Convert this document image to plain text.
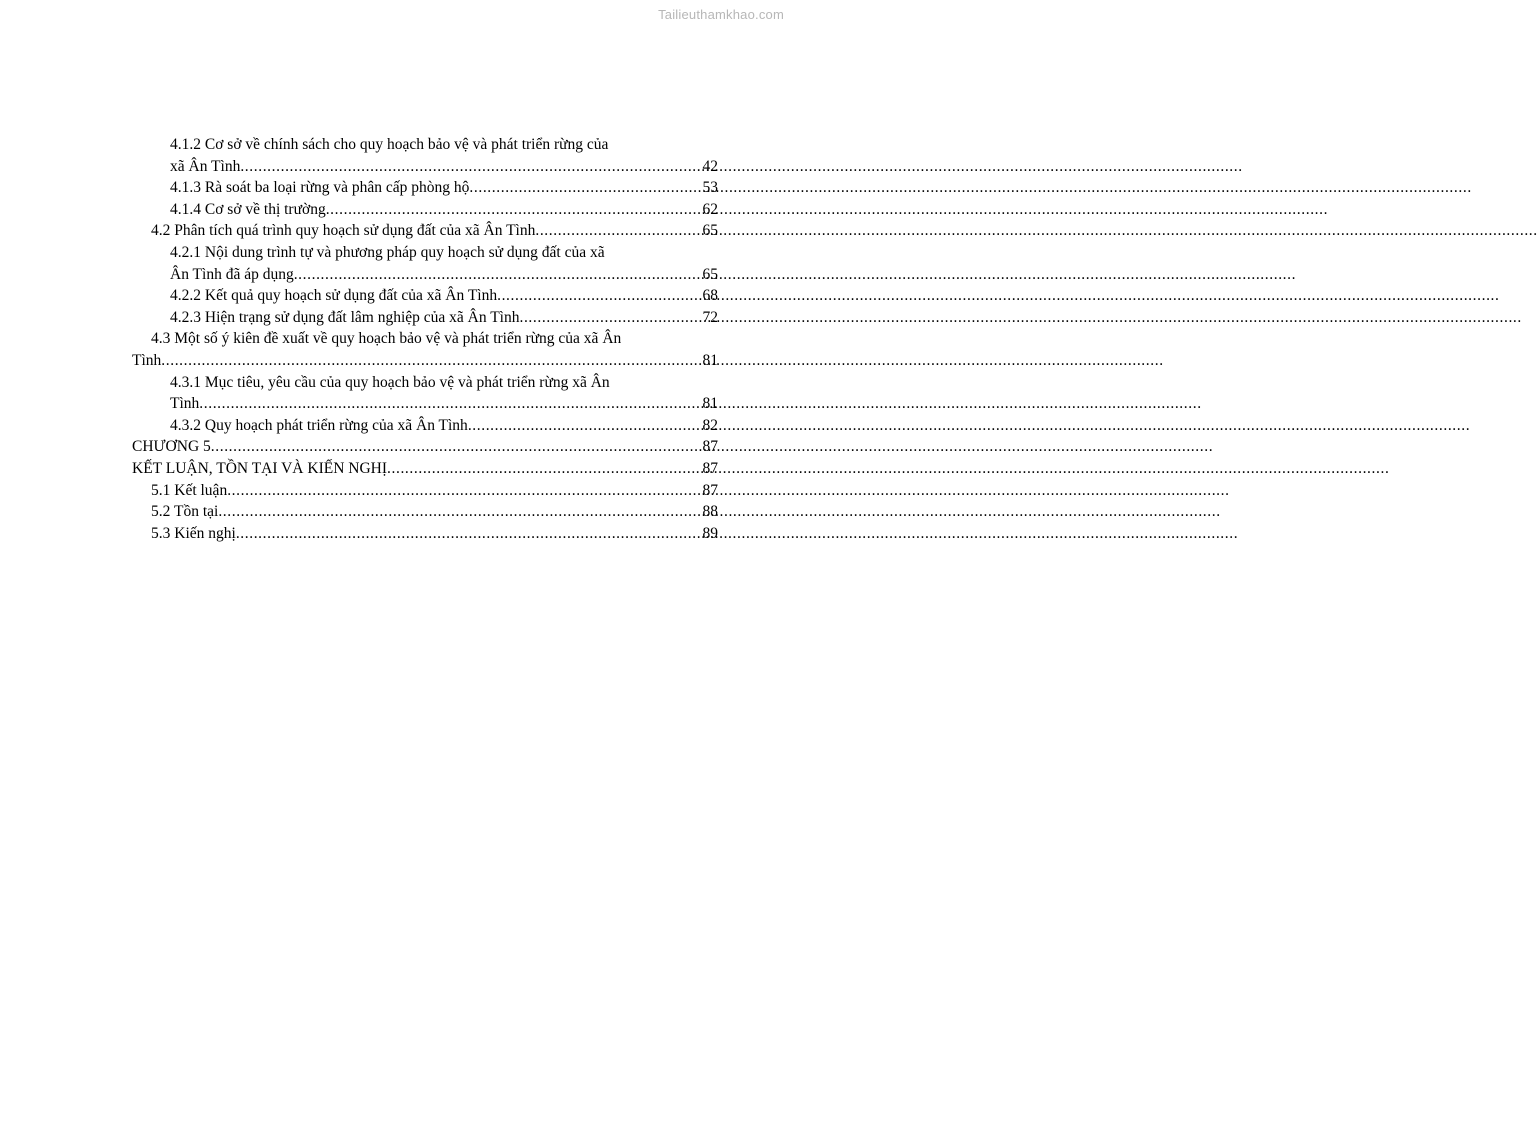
Tailieuthamkhao.com
4.1.2 Cơ sở về chính sách cho quy hoạch bảo vệ và phát triển rừng của
xã Ân Tình .....	42
4.1.3 Rà soát ba loại rừng và phân cấp phòng hộ .....	53
4.1.4 Cơ sở về thị trường .....	62
4.2 Phân tích quá trình quy hoạch sử dụng đất của xã Ân Tình .....	65
4.2.1 Nội dung trình tự và phương pháp quy hoạch sử dụng đất của xã
Ân Tình đã áp dụng .....	65
4.2.2 Kết quả quy hoạch sử dụng đất của xã Ân Tình .....	68
4.2.3 Hiện trạng sử dụng đất lâm nghiệp của xã Ân Tình .....	72
4.3 Một số ý kiên đề xuất về quy hoạch bảo vệ và phát triển rừng của xã Ân
Tình .....	81
4.3.1 Mục tiêu, yêu cầu của quy hoạch bảo vệ và phát triển rừng xã Ân
Tình .....	81
4.3.2 Quy hoạch phát triển rừng của xã Ân Tình .....	82
CHƯƠNG 5 .....	87
KẾT LUẬN, TỒN TẠI VÀ KIẾN NGHỊ .....	87
5.1 Kết luận .....	87
5.2 Tồn tại .....	88
5.3 Kiến nghị .....	89
